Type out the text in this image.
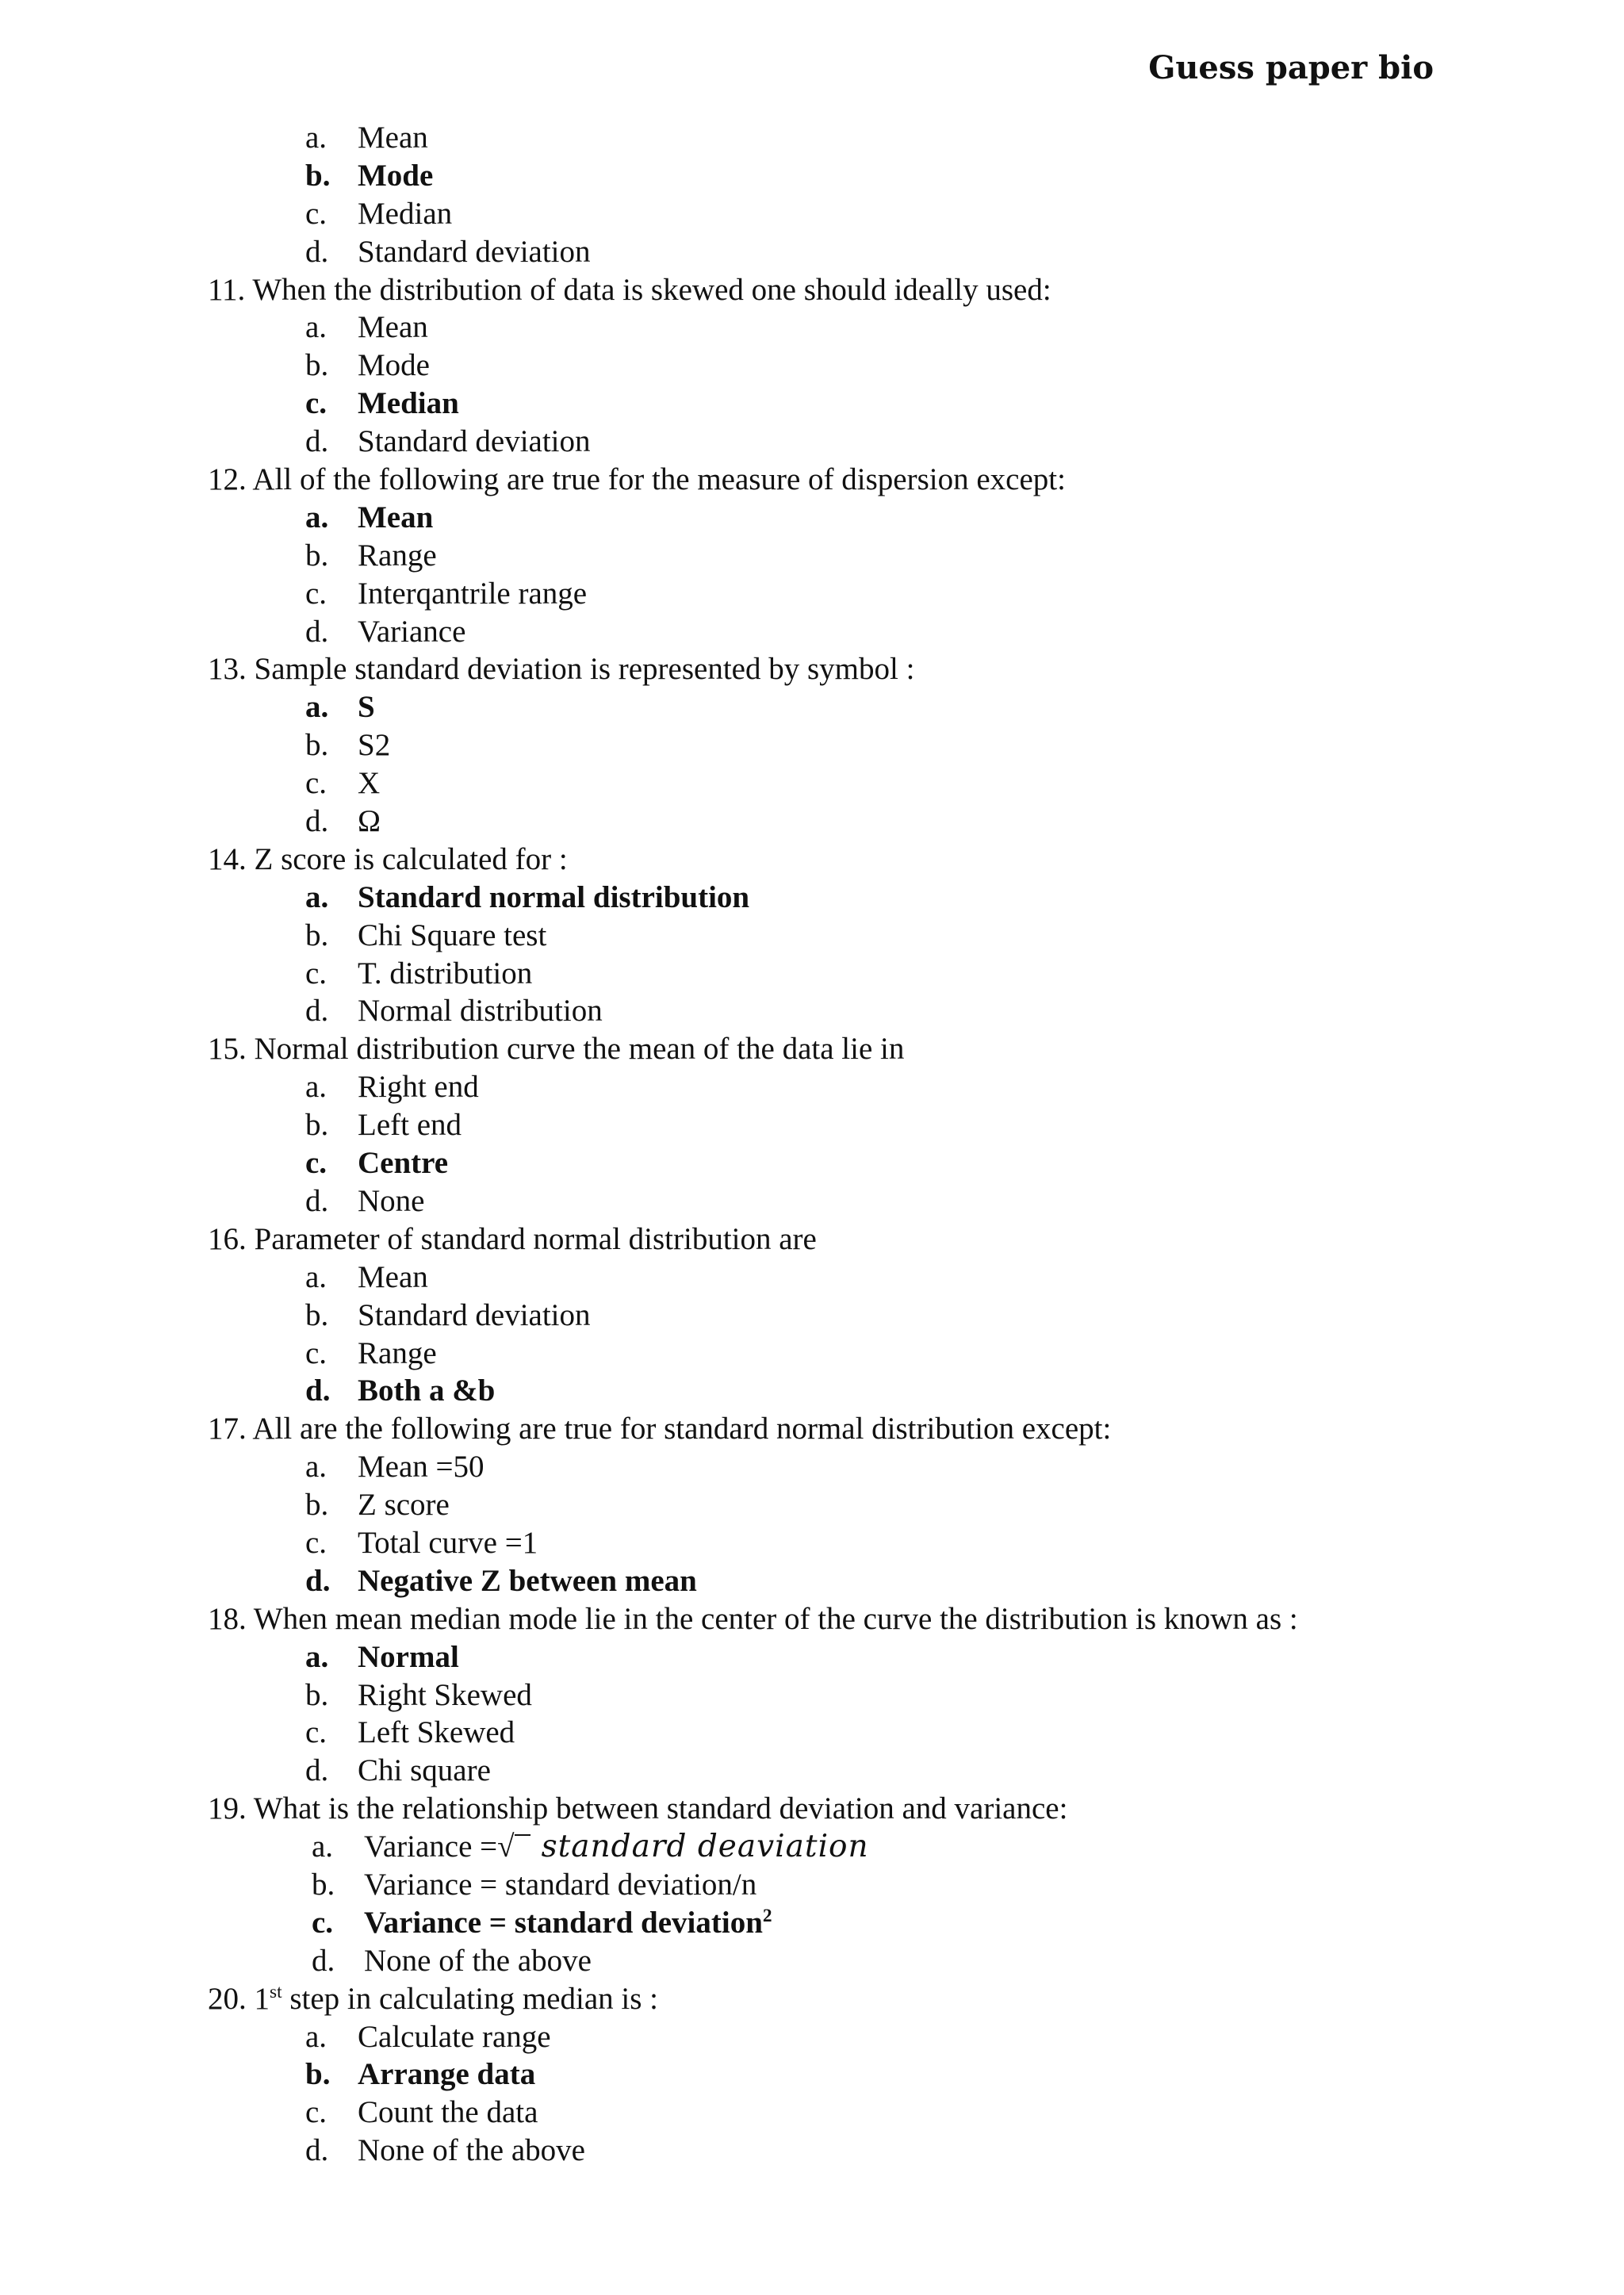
Guess paper bio
a. Mean
b. Mode
c. Median
d. Standard deviation
11. When the distribution of data is skewed one should ideally used:
a. Mean
b. Mode
c. Median
d. Standard deviation
12. All of the following are true for the measure of dispersion except:
a. Mean
b. Range
c. Interqantrile range
d. Variance
13. Sample standard deviation is represented by symbol :
a. S
b. S2
c. X
d. Ω
14. Z score is calculated for :
a. Standard normal distribution
b. Chi Square test
c. T. distribution
d. Normal distribution
15. Normal distribution curve the mean of the data lie in
a. Right end
b. Left end
c. Centre
d. None
16. Parameter of standard normal distribution are
a. Mean
b. Standard deviation
c. Range
d. Both a &b
17. All are the following are true for standard normal distribution except:
a. Mean =50
b. Z score
c. Total curve =1
d. Negative Z between mean
18. When mean median mode lie in the center of the curve the distribution is known as :
a. Normal
b. Right Skewed
c. Left Skewed
d. Chi square
19. What is the relationship between standard deviation and variance:
a. Variance =√ standard deaviation
b. Variance = standard deviation/n
c. Variance = standard deviation$^2$
d. None of the above
20. 1st step in calculating median is :
a. Calculate range
b. Arrange data
c. Count the data
d. None of the above
